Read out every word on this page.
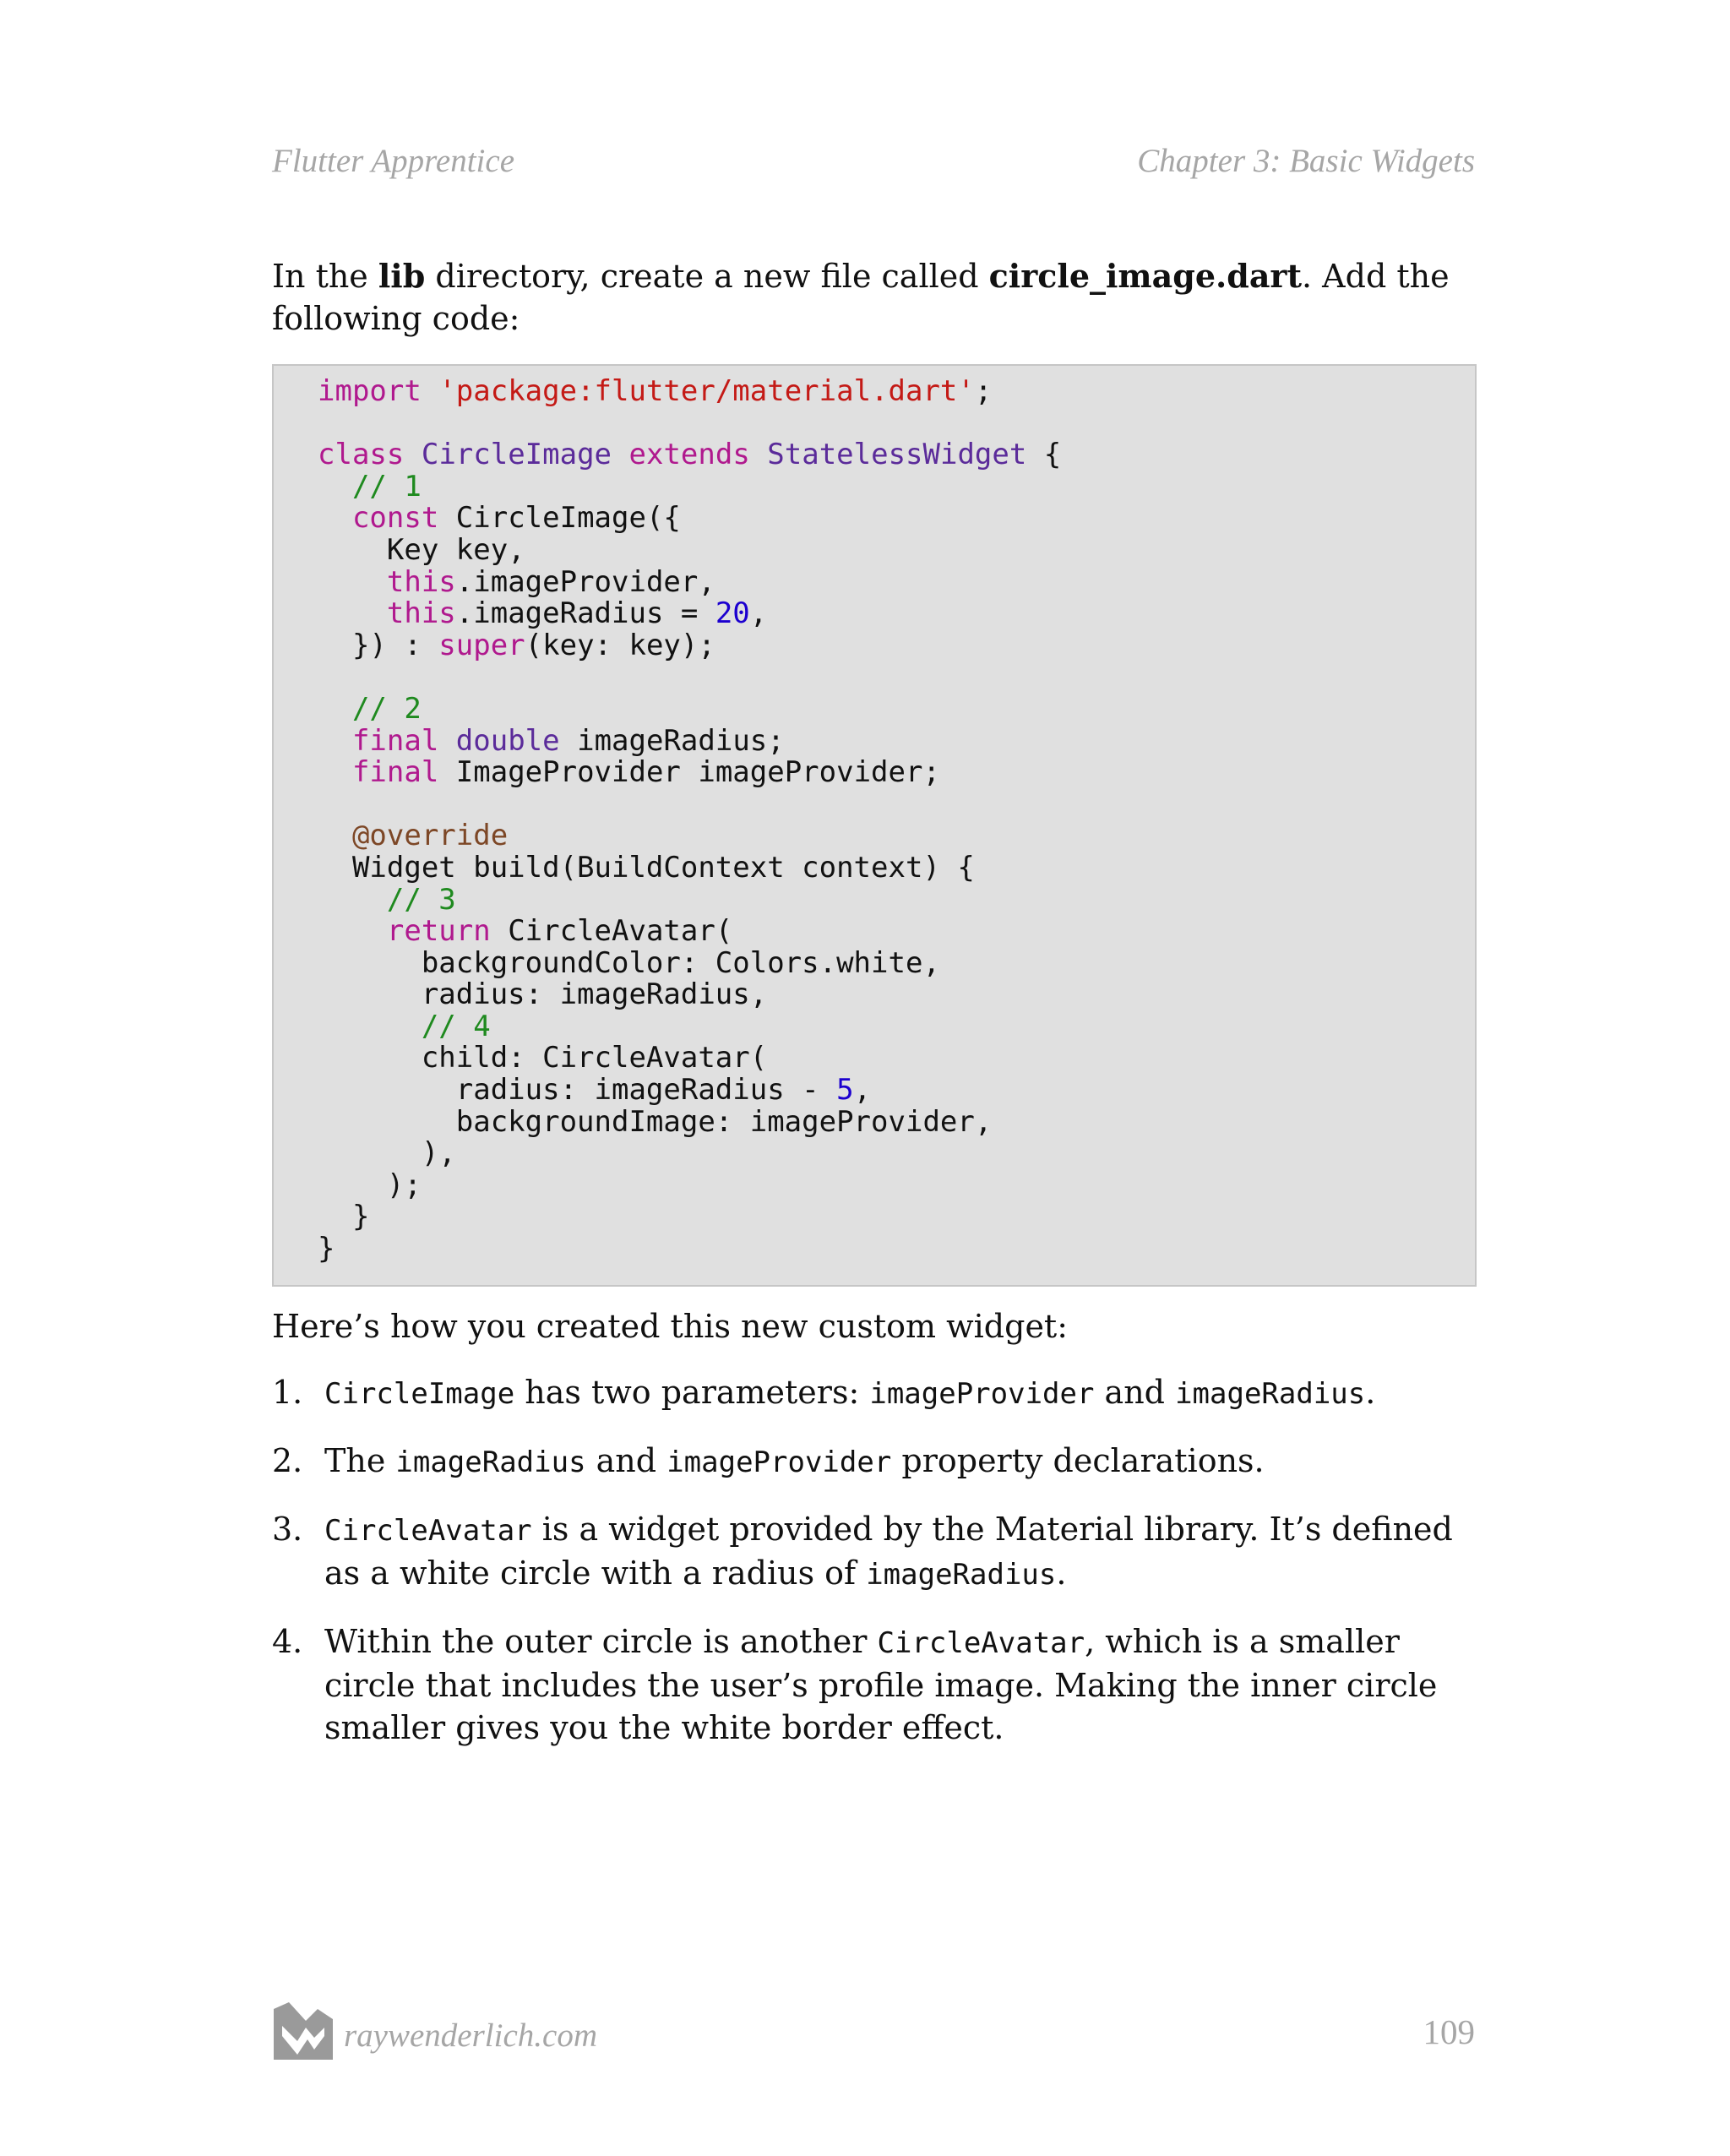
Flutter Apprentice	Chapter 3: Basic Widgets

In the lib directory, create a new file called circle_image.dart. Add the following code:

import 'package:flutter/material.dart';

class CircleImage extends StatelessWidget {
// 1
const CircleImage({
Key key,
this.imageProvider,
this.imageRadius = 20,
}) : super(key: key);

// 2
final double imageRadius;
final ImageProvider imageProvider;

@override
Widget build(BuildContext context) {
// 3
return CircleAvatar(
backgroundColor: Colors.white,
radius: imageRadius,
// 4
child: CircleAvatar(
radius: imageRadius - 5,
backgroundImage: imageProvider,
),
);
}
}

Here’s how you created this new custom widget:

1. CircleImage has two parameters: imageProvider and imageRadius.
2. The imageRadius and imageProvider property declarations.
3. CircleAvatar is a widget provided by the Material library. It’s defined as a white circle with a radius of imageRadius.
4. Within the outer circle is another CircleAvatar, which is a smaller circle that includes the user’s profile image. Making the inner circle smaller gives you the white border effect.
raywenderlich.com	109
